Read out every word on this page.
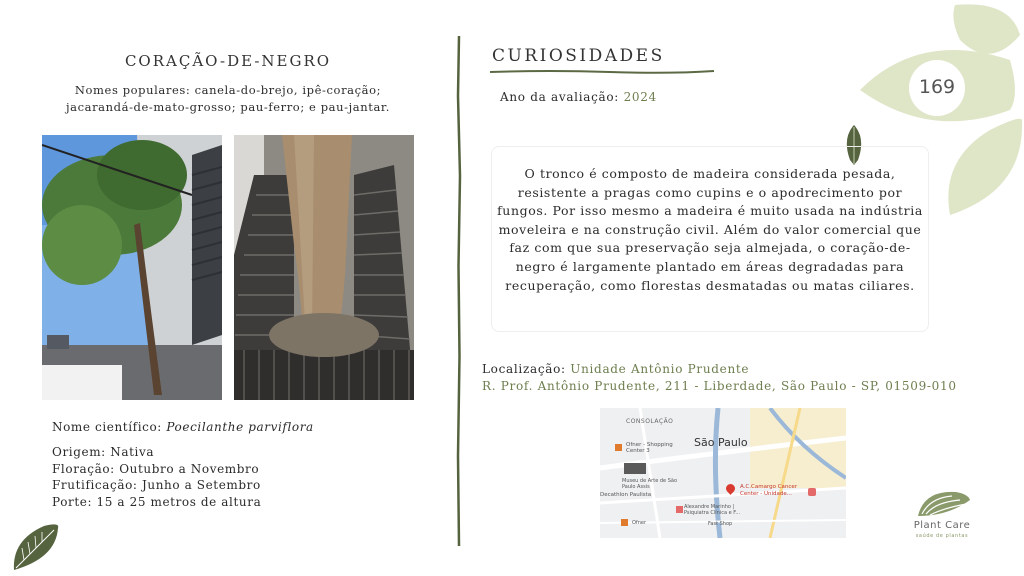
CORAÇÃO-DE-NEGRO
Nomes populares: canela-do-brejo, ipê-coração; jacarandá-de-mato-grosso; pau-ferro; e pau-jantar.
Nome científico: Poecilanthe parviflora
Origem: Nativa
Floração: Outubro a Novembro
Frutificação: Junho a Setembro
Porte: 15 a 25 metros de altura
CURIOSIDADES
Ano da avaliação: 2024	169
O tronco é composto de madeira considerada pesada, resistente a pragas como cupins e o apodrecimento por fungos. Por isso mesmo a madeira é muito usada na indústria moveleira e na construção civil. Além do valor comercial que faz com que sua preservação seja almejada, o coração-de-negro é largamente plantado em áreas degradadas para recuperação, como florestas desmatadas ou matas ciliares.
Localização: Unidade Antônio Prudente
R. Prof. Antônio Prudente, 211 - Liberdade, São Paulo - SP, 01509-010
CONSOLAÇÃO
São Paulo
Ofner - Shopping Center 3
Museu de Arte de São Paulo Assis
Decathlon Paulista
Alexandre Marinho | Psiquiatra Clínica e F...
Ofner	Fast Shop
A.C.Camargo Cancer Center - Unidade...
Plant Care
saúde de plantas
